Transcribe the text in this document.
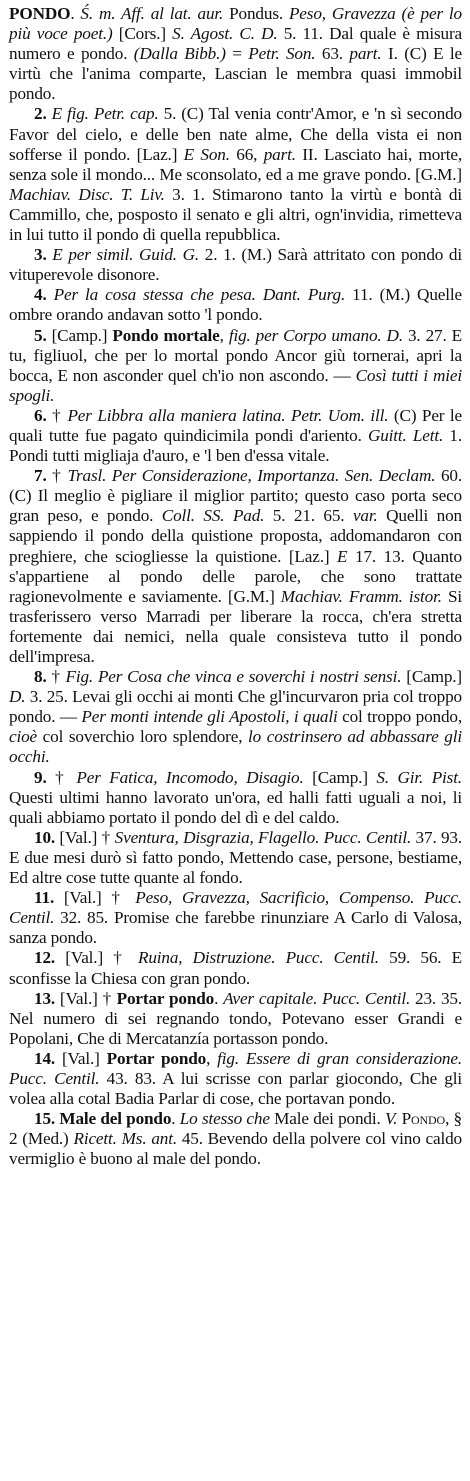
PONDO. Ś. m. Aff. al lat. aur. Pondus. Peso, Gravezza (è per lo più voce poet.) [Cors.] S. Agost. C. D. 5. 11. Dal quale è misura numero e pondo. (Dalla Bibb.) = Petr. Son. 63. part. I. (C) E le virtù che l'anima comparte, Lascian le membra quasi immobil pondo.

2. E fig. Petr. cap. 5. (C) Tal venia contr'Amor, e 'n sì secondo Favor del cielo, e delle ben nate alme, Che della vista ei non sofferse il pondo. [Laz.] E Son. 66, part. II. Lasciato hai, morte, senza sole il mondo... Me sconsolato, ed a me grave pondo. [G.M.] Machiav. Disc. T. Liv. 3. 1. Stimarono tanto la virtù e bontà di Cammillo, che, posposto il senato e gli altri, ogn'invidia, rimetteva in lui tutto il pondo di quella repubblica.

3. E per simil. Guid. G. 2. 1. (M.) Sarà attritato con pondo di vituperevole disonore.

4. Per la cosa stessa che pesa. Dant. Purg. 11. (M.) Quelle ombre orando andavan sotto 'l pondo.

5. [Camp.] Pondo mortale, fig. per Corpo umano. D. 3. 27. E tu, figliuol, che per lo mortal pondo Ancor giù tornerai, apri la bocca, E non asconder quel ch'io non ascondo. — Così tutti i miei spogli.

6. † Per Libbra alla maniera latina. Petr. Uom. ill. (C) Per le quali tutte fue pagato quindicimila pondi d'ariento. Guitt. Lett. 1. Pondi tutti migliaja d'auro, e 'l ben d'essa vitale.

7. † Trasl. Per Considerazione, Importanza. Sen. Declam. 60. (C) Il meglio è pigliare il miglior partito; questo caso porta seco gran peso, e pondo. Coll. SS. Pad. 5. 21. 65. var. Quelli non sappiendo il pondo della quistione proposta, addomandaron con preghiere, che sciogliesse la quistione. [Laz.] E 17. 13. Quanto s'appartiene al pondo delle parole, che sono trattate ragionevolmente e saviamente. [G.M.] Machiav. Framm. istor. Si trasferissero verso Marradi per liberare la rocca, ch'era stretta fortemente dai nemici, nella quale consisteva tutto il pondo dell'impresa.

8. † Fig. Per Cosa che vinca e soverchi i nostri sensi. [Camp.] D. 3. 25. Levai gli occhi ai monti Che gl'incurvaron pria col troppo pondo. — Per monti intende gli Apostoli, i quali col troppo pondo, cioè col soverchio loro splendore, lo costrinsero ad abbassare gli occhi.

9. † Per Fatica, Incomodo, Disagio. [Camp.] S. Gir. Pist. Questi ultimi hanno lavorato un'ora, ed halli fatti uguali a noi, li quali abbiamo portato il pondo del dì e del caldo.

10. [Val.] † Sventura, Disgrazia, Flagello. Pucc. Centil. 37. 93. E due mesi durò sì fatto pondo, Mettendo case, persone, bestiame, Ed altre cose tutte quante al fondo.

11. [Val.] † Peso, Gravezza, Sacrificio, Compenso. Pucc. Centil. 32. 85. Promise che farebbe rinunziare A Carlo di Valosa, sanza pondo.

12. [Val.] † Ruina, Distruzione. Pucc. Centil. 59. 56. E sconfisse la Chiesa con gran pondo.

13. [Val.] † Portar pondo. Aver capitale. Pucc. Centil. 23. 35. Nel numero di sei regnando tondo, Potevano esser Grandi e Popolani, Che di Mercatanzía portasson pondo.

14. [Val.] Portar pondo, fig. Essere di gran considerazione. Pucc. Centil. 43. 83. A lui scrisse con parlar giocondo, Che gli volea alla cotal Badia Parlar di cose, che portavan pondo.

15. Male del pondo. Lo stesso che Male dei pondi. V. Pondo, § 2 (Med.) Ricett. Ms. ant. 45. Bevendo della polvere col vino caldo vermiglio è buono al male del pondo.
